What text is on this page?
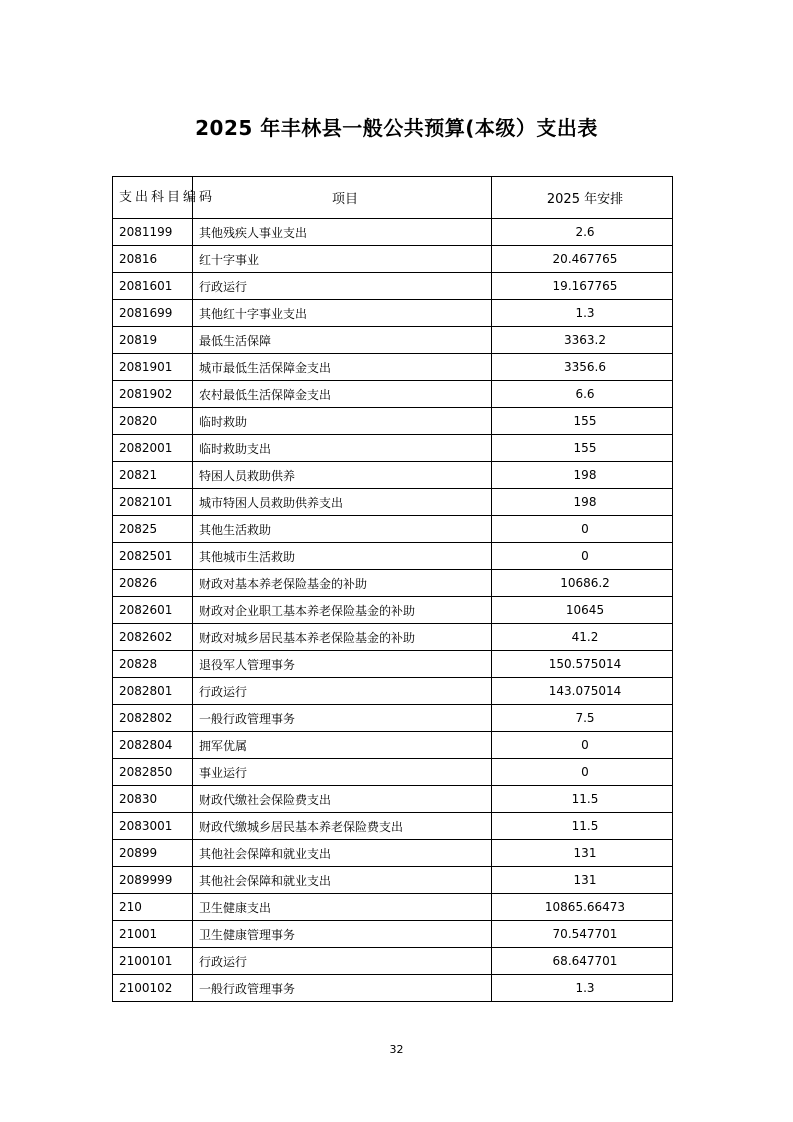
2025 年丰林县一般公共预算(本级）支出表
支出科目编码	项目	2025 年安排
2081199	其他残疾人事业支出	2.6
20816	红十字事业	20.467765
2081601	行政运行	19.167765
2081699	其他红十字事业支出	1.3
20819	最低生活保障	3363.2
2081901	城市最低生活保障金支出	3356.6
2081902	农村最低生活保障金支出	6.6
20820	临时救助	155
2082001	临时救助支出	155
20821	特困人员救助供养	198
2082101	城市特困人员救助供养支出	198
20825	其他生活救助	0
2082501	其他城市生活救助	0
20826	财政对基本养老保险基金的补助	10686.2
2082601	财政对企业职工基本养老保险基金的补助	10645
2082602	财政对城乡居民基本养老保险基金的补助	41.2
20828	退役军人管理事务	150.575014
2082801	行政运行	143.075014
2082802	一般行政管理事务	7.5
2082804	拥军优属	0
2082850	事业运行	0
20830	财政代缴社会保险费支出	11.5
2083001	财政代缴城乡居民基本养老保险费支出	11.5
20899	其他社会保障和就业支出	131
2089999	其他社会保障和就业支出	131
210	卫生健康支出	10865.66473
21001	卫生健康管理事务	70.547701
2100101	行政运行	68.647701
2100102	一般行政管理事务	1.3
32
